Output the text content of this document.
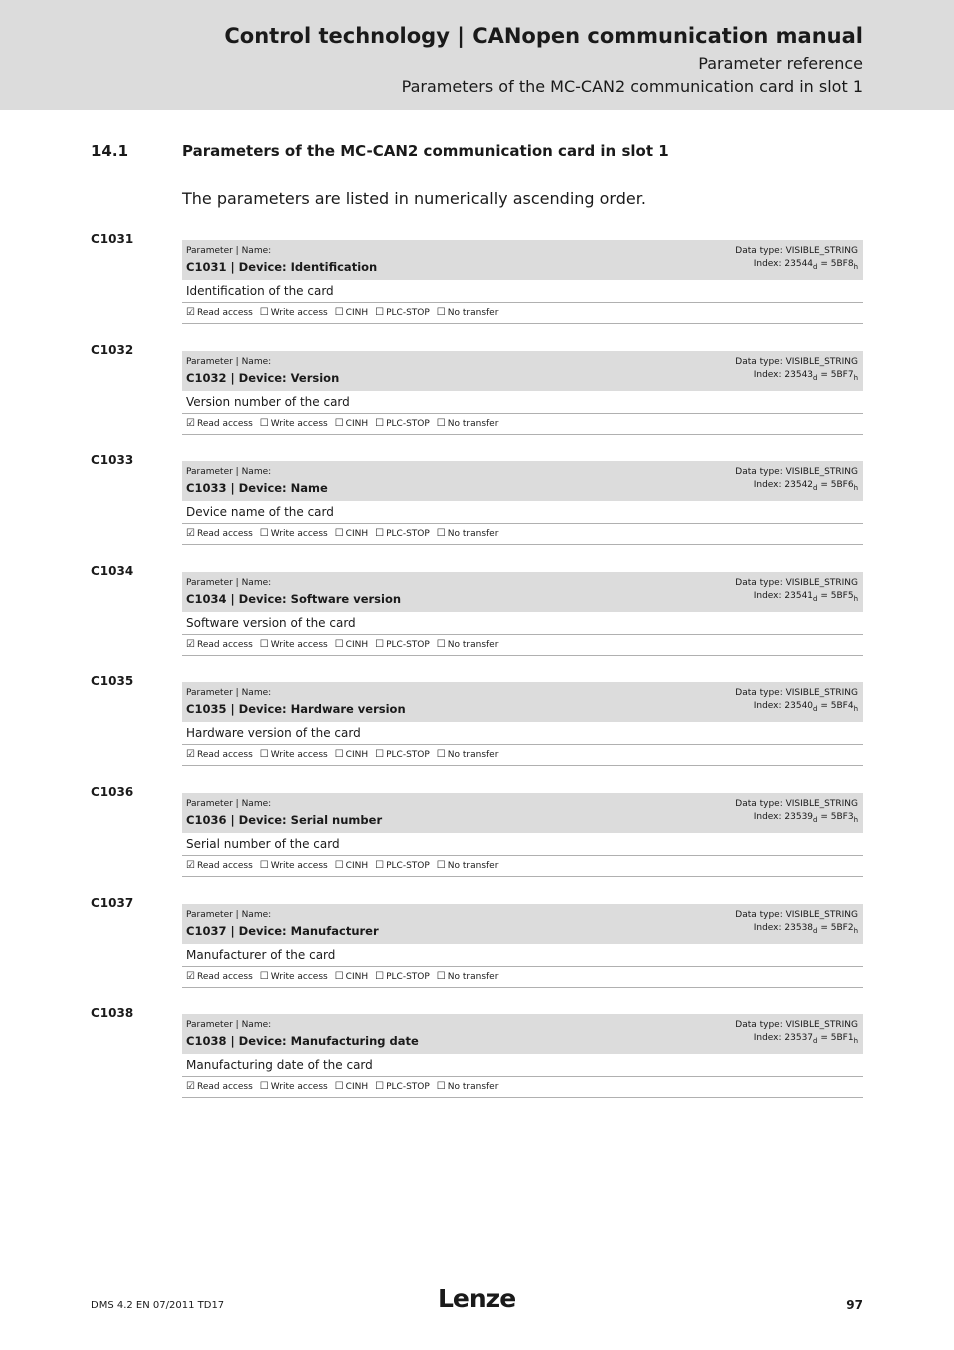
Control technology | CANopen communication manual
Parameter reference
Parameters of the MC-CAN2 communication card in slot 1
14.1	Parameters of the MC-CAN2 communication card in slot 1
The parameters are listed in numerically ascending order.
C1031
Parameter | Name:
C1031 | Device: Identification
Data type: VISIBLE_STRING
Index: $23544_d = 5BF8_h$
Identification of the card
☑ Read access ☐ Write access ☐ CINH ☐ PLC-STOP ☐ No transfer
C1032
Parameter | Name:
C1032 | Device: Version
Data type: VISIBLE_STRING
Index: $23543_d = 5BF7_h$
Version number of the card
☑ Read access ☐ Write access ☐ CINH ☐ PLC-STOP ☐ No transfer
C1033
Parameter | Name:
C1033 | Device: Name
Data type: VISIBLE_STRING
Index: $23542_d = 5BF6_h$
Device name of the card
☑ Read access ☐ Write access ☐ CINH ☐ PLC-STOP ☐ No transfer
C1034
Parameter | Name:
C1034 | Device: Software version
Data type: VISIBLE_STRING
Index: $23541_d = 5BF5_h$
Software version of the card
☑ Read access ☐ Write access ☐ CINH ☐ PLC-STOP ☐ No transfer
C1035
Parameter | Name:
C1035 | Device: Hardware version
Data type: VISIBLE_STRING
Index: $23540_d = 5BF4_h$
Hardware version of the card
☑ Read access ☐ Write access ☐ CINH ☐ PLC-STOP ☐ No transfer
C1036
Parameter | Name:
C1036 | Device: Serial number
Data type: VISIBLE_STRING
Index: $23539_d = 5BF3_h$
Serial number of the card
☑ Read access ☐ Write access ☐ CINH ☐ PLC-STOP ☐ No transfer
C1037
Parameter | Name:
C1037 | Device: Manufacturer
Data type: VISIBLE_STRING
Index: $23538_d = 5BF2_h$
Manufacturer of the card
☑ Read access ☐ Write access ☐ CINH ☐ PLC-STOP ☐ No transfer
C1038
Parameter | Name:
C1038 | Device: Manufacturing date
Data type: VISIBLE_STRING
Index: $23537_d = 5BF1_h$
Manufacturing date of the card
☑ Read access ☐ Write access ☐ CINH ☐ PLC-STOP ☐ No transfer
DMS 4.2 EN 07/2011 TD17	Lenze	97
